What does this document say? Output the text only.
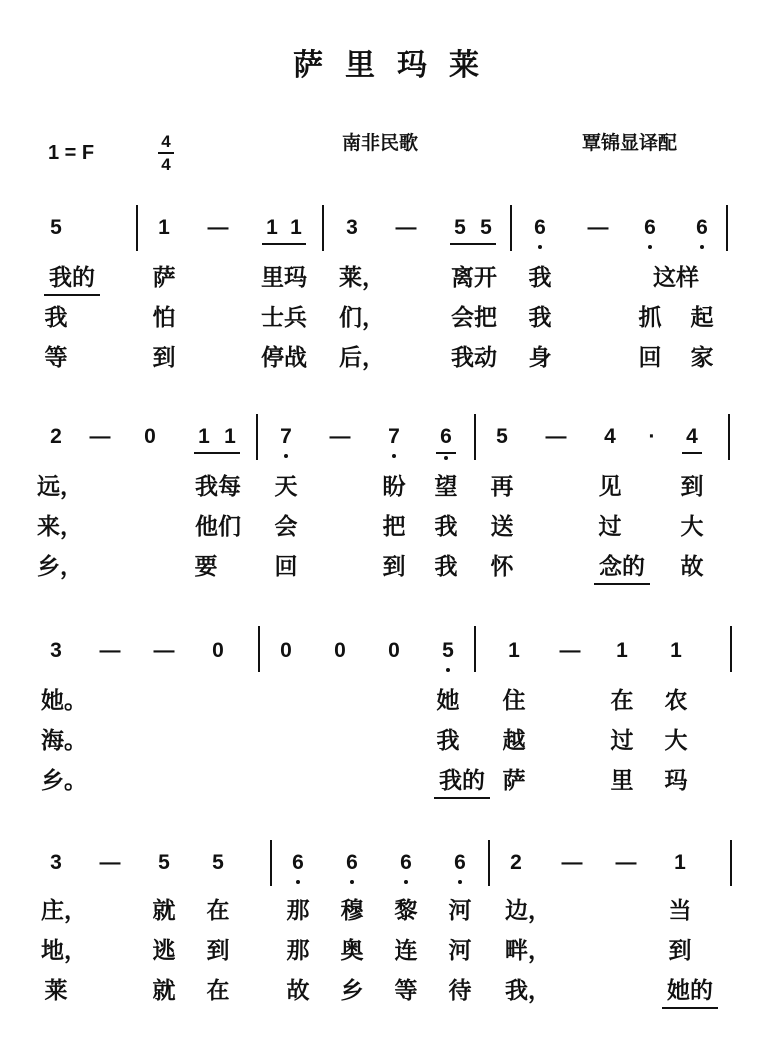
萨里玛莱
1 = F
4
4
南非民歌	覃锦显译配
5	1 — 1 1 3 — 5 5 6 — 6 6
我的	萨	里玛	莱，	离开	我	这样
我	怕	士兵	们，	会把	我	抓 起
等	到	停战	后，	我动	身	回 家
2 — 0 1 1 7 — 7 6 5 — 4	·	4
远，	我每	天	盼 望 再	见	到
来，	他们	会	把 我 送	过	大
乡，	要 回	到 我 怀	念的	故
3 — — 0	0 0 0 5	1 — 1 1
她。	她 住	在 农
海。	我 越	过 大
乡。	我的 萨	里 玛
3 — 5 5	6 6 6 6 2 — — 1
庄，	就 在 那 穆 黎 河	边，	当
地，	逃 到 那 奥 连 河	畔，	到
莱	就 在 故 乡 等 待	我，	她的
